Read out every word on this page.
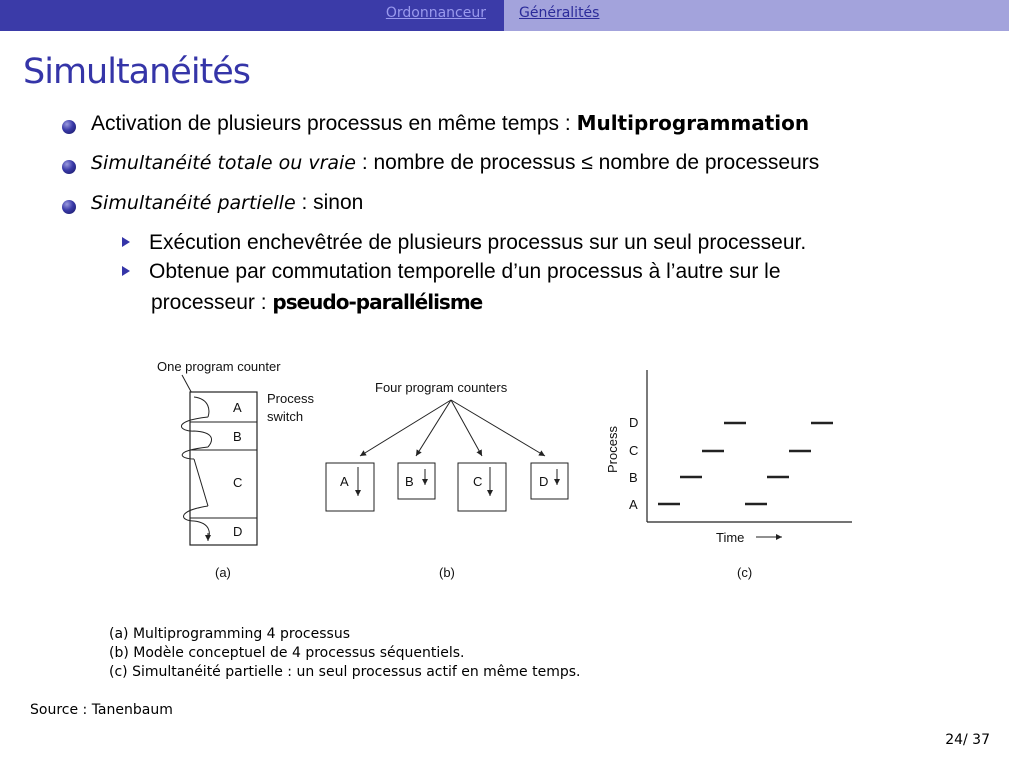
Ordonnanceur Généralités
Simultanéités
Activation de plusieurs processus en même temps : Multiprogrammation
Simultanéité totale ou vraie : nombre de processus ≤ nombre de processeurs
Simultanéité partielle : sinon
Exécution enchevêtrée de plusieurs processus sur un seul processeur.
Obtenue par commutation temporelle d’un processus à l’autre sur le
processeur : pseudo-parallélisme
One program counter
A
B
C
D
Process
switch
(a)
Four program counters
A	B	C	D
(b)
Process
D
C
B
A
Time
(c)
(a) Multiprogramming 4 processus
(b) Modèle conceptuel de 4 processus séquentiels.
(c) Simultanéité partielle : un seul processus actif en même temps.
Source : Tanenbaum
24/ 37
